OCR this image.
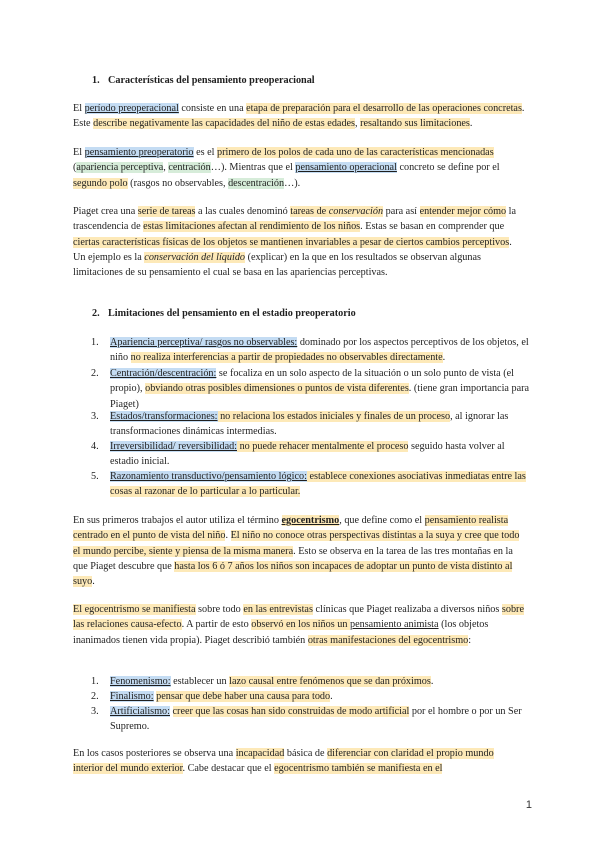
1. Características del pensamiento preoperacional
El período preoperacional consiste en una etapa de preparación para el desarrollo de las operaciones concretas. Este describe negativamente las capacidades del niño de estas edades, resaltando sus limitaciones.
El pensamiento preoperatorio es el primero de los polos de cada uno de las características mencionadas (apariencia perceptiva, centración…). Mientras que el pensamiento operacional concreto se define por el segundo polo (rasgos no observables, descentración…).
Piaget crea una serie de tareas a las cuales denominó tareas de conservación para así entender mejor cómo la trascendencia de estas limitaciones afectan al rendimiento de los niños. Estas se basan en comprender que ciertas características físicas de los objetos se mantienen invariables a pesar de ciertos cambios perceptivos. Un ejemplo es la conservación del líquido (explicar) en la que en los resultados se observan algunas limitaciones de su pensamiento el cual se basa en las apariencias perceptivas.
2. Limitaciones del pensamiento en el estadio preoperatorio
1.	Apariencia perceptiva/ rasgos no observables: dominado por los aspectos perceptivos de los objetos, el niño no realiza interferencias a partir de propiedades no observables directamente.
2.	Centración/descentración: se focaliza en un solo aspecto de la situación o un solo punto de vista (el propio), obviando otras posibles dimensiones o puntos de vista diferentes. (tiene gran importancia para Piaget)
3.	Estados/transformaciones: no relaciona los estados iniciales y finales de un proceso, al ignorar las transformaciones dinámicas intermedias.
4.	Irreversibilidad/ reversibilidad: no puede rehacer mentalmente el proceso seguido hasta volver al estadio inicial.
5.	Razonamiento transductivo/pensamiento lógico: establece conexiones asociativas inmediatas entre las cosas al razonar de lo particular a lo particular.
En sus primeros trabajos el autor utiliza el término egocentrismo, que define como el pensamiento realista centrado en el punto de vista del niño. El niño no conoce otras perspectivas distintas a la suya y cree que todo el mundo percibe, siente y piensa de la misma manera. Esto se observa en la tarea de las tres montañas en la que Piaget descubre que hasta los 6 ó 7 años los niños son incapaces de adoptar un punto de vista distinto al suyo.
El egocentrismo se manifiesta sobre todo en las entrevistas clínicas que Piaget realizaba a diversos niños sobre las relaciones causa-efecto. A partir de esto observó en los niños un pensamiento animista (los objetos inanimados tienen vida propia). Piaget describió también otras manifestaciones del egocentrismo:
1.	Fenomenismo: establecer un lazo causal entre fenómenos que se dan próximos.
2.	Finalismo: pensar que debe haber una causa para todo.
3.	Artificialismo: creer que las cosas han sido construidas de modo artificial por el hombre o por un Ser Supremo.
En los casos posteriores se observa una incapacidad básica de diferenciar con claridad el propio mundo interior del mundo exterior. Cabe destacar que el egocentrismo también se manifiesta en el
1
